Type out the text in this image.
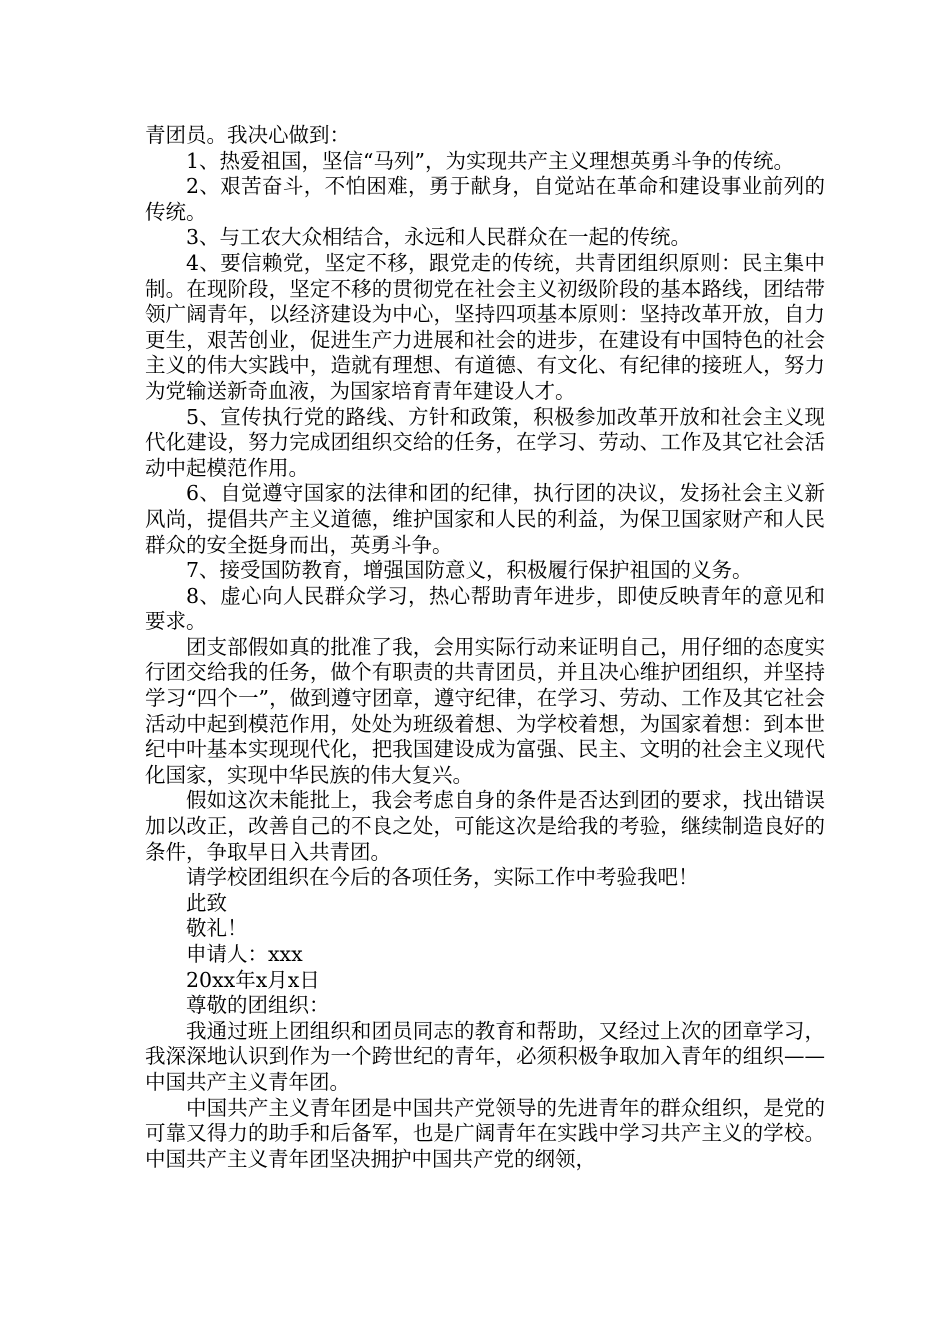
青团员。我决心做到：

1、热爱祖国，坚信“马列”，为实现共产主义理想英勇斗争的传统。

2、艰苦奋斗，不怕困难，勇于献身，自觉站在革命和建设事业前列的传统。

3、与工农大众相结合，永远和人民群众在一起的传统。

4、要信赖党，坚定不移，跟党走的传统，共青团组织原则：民主集中制。在现阶段，坚定不移的贯彻党在社会主义初级阶段的基本路线，团结带领广阔青年，以经济建设为中心，坚持四项基本原则：坚持改革开放，自力更生，艰苦创业，促进生产力进展和社会的进步，在建设有中国特色的社会主义的伟大实践中，造就有理想、有道德、有文化、有纪律的接班人，努力为党输送新奇血液，为国家培育青年建设人才。

5、宣传执行党的路线、方针和政策，积极参加改革开放和社会主义现代化建设，努力完成团组织交给的任务，在学习、劳动、工作及其它社会活动中起模范作用。

6、自觉遵守国家的法律和团的纪律，执行团的决议，发扬社会主义新风尚，提倡共产主义道德，维护国家和人民的利益，为保卫国家财产和人民群众的安全挺身而出，英勇斗争。

7、接受国防教育，增强国防意义，积极履行保护祖国的义务。

8、虚心向人民群众学习，热心帮助青年进步，即使反映青年的意见和要求。

团支部假如真的批准了我，会用实际行动来证明自己，用仔细的态度实行团交给我的任务，做个有职责的共青团员，并且决心维护团组织，并坚持学习“四个一”，做到遵守团章，遵守纪律，在学习、劳动、工作及其它社会活动中起到模范作用，处处为班级着想、为学校着想，为国家着想：到本世纪中叶基本实现现代化，把我国建设成为富强、民主、文明的社会主义现代化国家，实现中华民族的伟大复兴。

假如这次未能批上，我会考虑自身的条件是否达到团的要求，找出错误加以改正，改善自己的不良之处，可能这次是给我的考验，继续制造良好的条件，争取早日入共青团。

请学校团组织在今后的各项任务，实际工作中考验我吧！

此致

敬礼！

申请人：xxx

20xx年x月x日

尊敬的团组织：

我通过班上团组织和团员同志的教育和帮助，又经过上次的团章学习，我深深地认识到作为一个跨世纪的青年，必须积极争取加入青年的组织——中国共产主义青年团。

中国共产主义青年团是中国共产党领导的先进青年的群众组织，是党的可靠又得力的助手和后备军，也是广阔青年在实践中学习共产主义的学校。中国共产主义青年团坚决拥护中国共产党的纲领，
